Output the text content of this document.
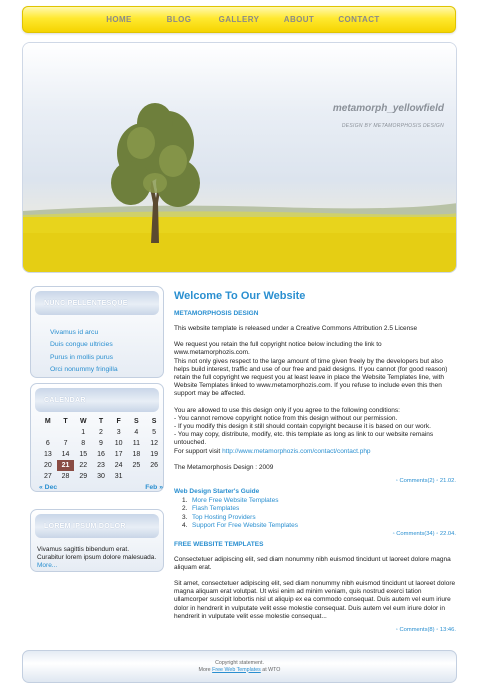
HOME	BLOG	GALLERY	ABOUT	CONTACT
metamorph_yellowfield
DESIGN BY METAMORPHOSIS DESIGN
NUNC PELLENTESQUE
Vivamus id arcu
Duis congue ultricies
Purus in mollis purus
Orci nonummy fringilla
CALENDAR
M	T	W	T	F	S	S
		1	2	3	4	5
6	7	8	9	10	11	12
13	14	15	16	17	18	19
20	21	22	23	24	25	26
27	28	29	30	31		
« Dec	Feb »
LOREM IPSUM DOLOR
Vivamus sagittis bibendum erat. Curabitur lorem ipsum dolore malesuada. More...
Welcome To Our Website
METAMORPHOSIS DESIGN

This website template is released under a Creative Commons Attribution 2.5 License

We request you retain the full copyright notice below including the link to www.metamorphozis.com.
This not only gives respect to the large amount of time given freely by the developers but also helps build interest, traffic and use of our free and paid designs. If you cannot (for good reason) retain the full copyright we request you at least leave in place the Website Templates line, with Website Templates linked to www.metamorphozis.com. If you refuse to include even this then support may be affected.

You are allowed to use this design only if you agree to the following conditions:
- You cannot remove copyright notice from this design without our permission.
- If you modify this design it still should contain copyright because it is based on our work.
- You may copy, distribute, modify, etc. this template as long as link to our website remains untouched.
For support visit http://www.metamorphozis.com/contact/contact.php

The Metamorphosis Design : 2009

◦ Comments(2) ◦ 21.02.
Web Design Starter's Guide
1. More Free Website Templates
2. Flash Templates
3. Top Hosting Providers
4. Support For Free Website Templates
◦ Comments(34) ◦ 22.04.
FREE WEBSITE TEMPLATES

Consectetuer adipiscing elit, sed diam nonummy nibh euismod tincidunt ut laoreet dolore magna aliquam erat.

Sit amet, consectetuer adipiscing elit, sed diam nonummy nibh euismod tincidunt ut laoreet dolore magna aliquam erat volutpat. Ut wisi enim ad minim veniam, quis nostrud exerci tation ullamcorper suscipit lobortis nisl ut aliquip ex ea commodo consequat. Duis autem vel eum iriure dolor in hendrerit in vulputate velit esse molestie consequat. Duis autem vel eum iriure dolor in hendrerit in vulputate velit esse molestie consequat...

◦ Comments(8) ◦ 13:46.
Copyright statement.
More Free Web Templates at WTO
